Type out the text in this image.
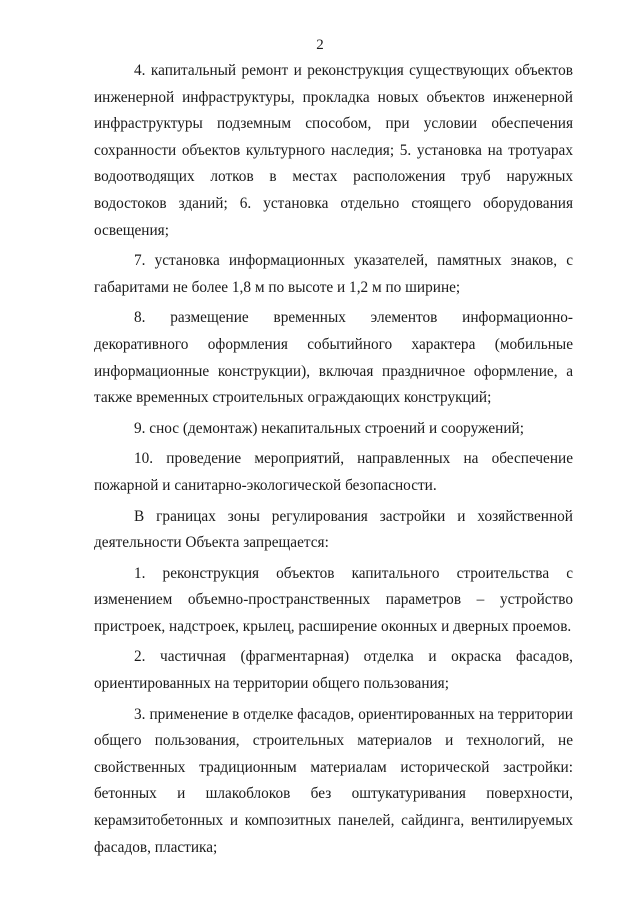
2

4. капитальный ремонт и реконструкция существующих объектов инженерной инфраструктуры, прокладка новых объектов инженерной инфраструктуры подземным способом, при условии обеспечения сохранности объектов культурного наследия; 5. установка на тротуарах водоотводящих лотков в местах расположения труб наружных водостоков зданий; 6. установка отдельно стоящего оборудования освещения;

7. установка информационных указателей, памятных знаков, с габаритами не более 1,8 м по высоте и 1,2 м по ширине;

8. размещение временных элементов информационно-декоративного оформления событийного характера (мобильные информационные конструкции), включая праздничное оформление, а также временных строительных ограждающих конструкций;

9. снос (демонтаж) некапитальных строений и сооружений;

10. проведение мероприятий, направленных на обеспечение пожарной и санитарно-экологической безопасности.

В границах зоны регулирования застройки и хозяйственной деятельности Объекта запрещается:

1. реконструкция объектов капитального строительства с изменением объемно-пространственных параметров – устройство пристроек, надстроек, крылец, расширение оконных и дверных проемов.

2. частичная (фрагментарная) отделка и окраска фасадов, ориентированных на территории общего пользования;

3. применение в отделке фасадов, ориентированных на территории общего пользования, строительных материалов и технологий, не свойственных традиционным материалам исторической застройки: бетонных и шлакоблоков без оштукатуривания поверхности, керамзитобетонных и композитных панелей, сайдинга, вентилируемых фасадов, пластика;
